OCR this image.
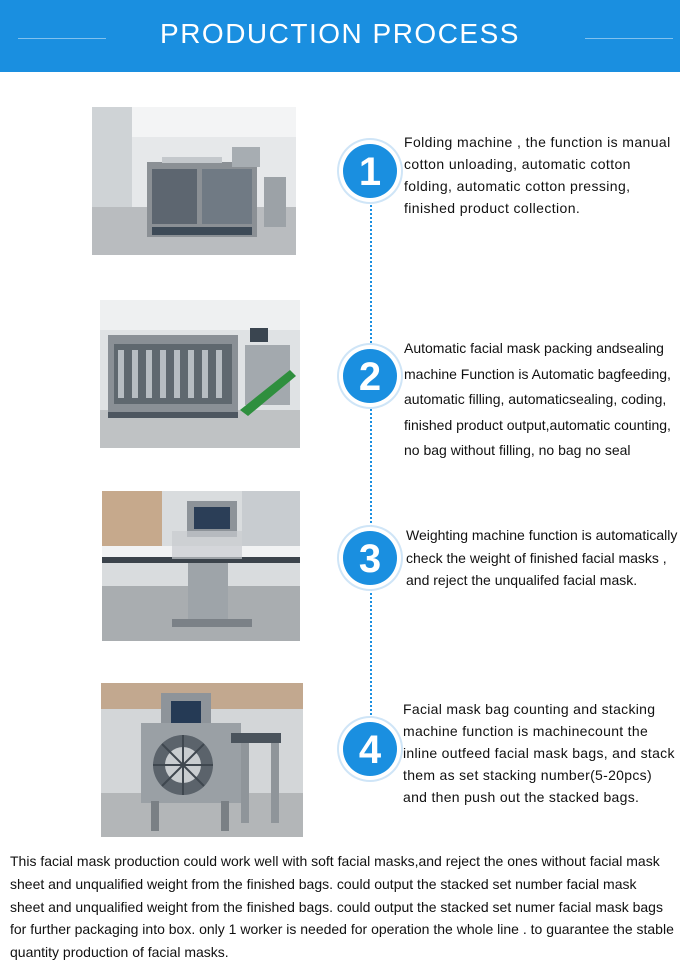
PRODUCTION PROCESS
1
2
3
4
Folding machine , the function is manual cotton unloading, automatic cotton folding, automatic cotton pressing, finished product collection.
Automatic facial mask packing andsealing machine Function is Automatic bagfeeding, automatic filling, automaticsealing, coding, finished product output,automatic counting, no bag without filling, no bag no seal
Weighting machine function is automatically check the weight of finished facial masks , and reject the unqualifed facial mask.
Facial mask bag counting and stacking machine function is machinecount the inline outfeed facial mask bags, and stack them as set stacking number(5-20pcs) and then push out the stacked bags.
This facial mask production could work well with soft facial masks,and reject the ones without facial mask sheet and unqualified weight from the finished bags. could output the stacked set number facial mask sheet and unqualified weight from the finished bags. could output the stacked set numer facial mask bags for further packaging into box. only 1 worker is needed for operation the whole line . to guarantee the stable quantity production of facial masks.
